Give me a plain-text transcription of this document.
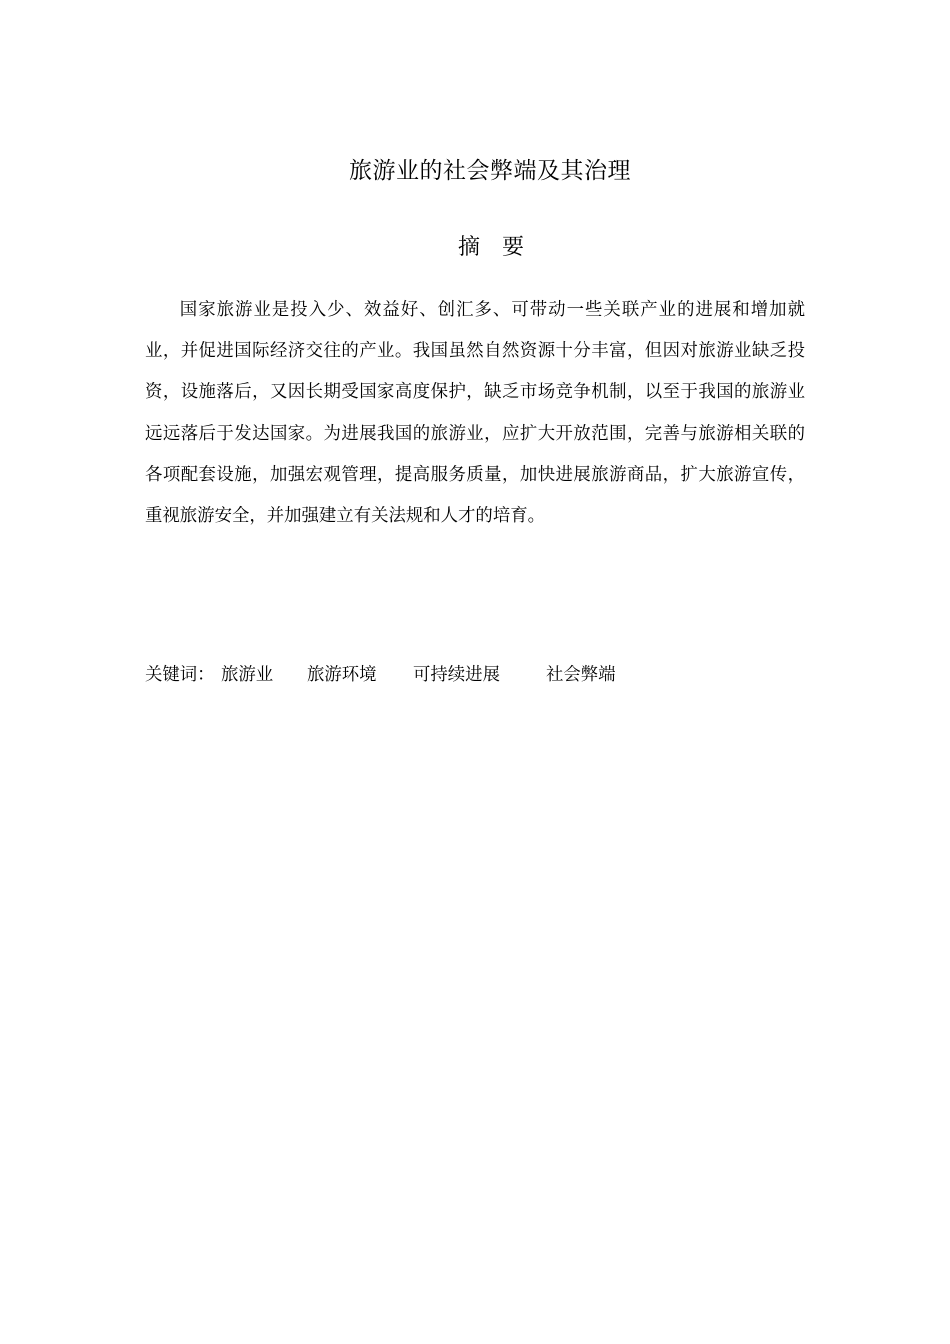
旅游业的社会弊端及其治理
摘 要

国家旅游业是投入少、效益好、创汇多、可带动一些关联产业的进展和增加就业，并促进国际经济交往的产业。我国虽然自然资源十分丰富，但因对旅游业缺乏投资，设施落后，又因长期受国家高度保护，缺乏市场竞争机制，以至于我国的旅游业远远落后于发达国家。为进展我国的旅游业，应扩大开放范围，完善与旅游相关联的各项配套设施，加强宏观管理，提高服务质量，加快进展旅游商品，扩大旅游宣传，重视旅游安全，并加强建立有关法规和人才的培育。

关键词： 旅游业 旅游环境 可持续进展	社会弊端
